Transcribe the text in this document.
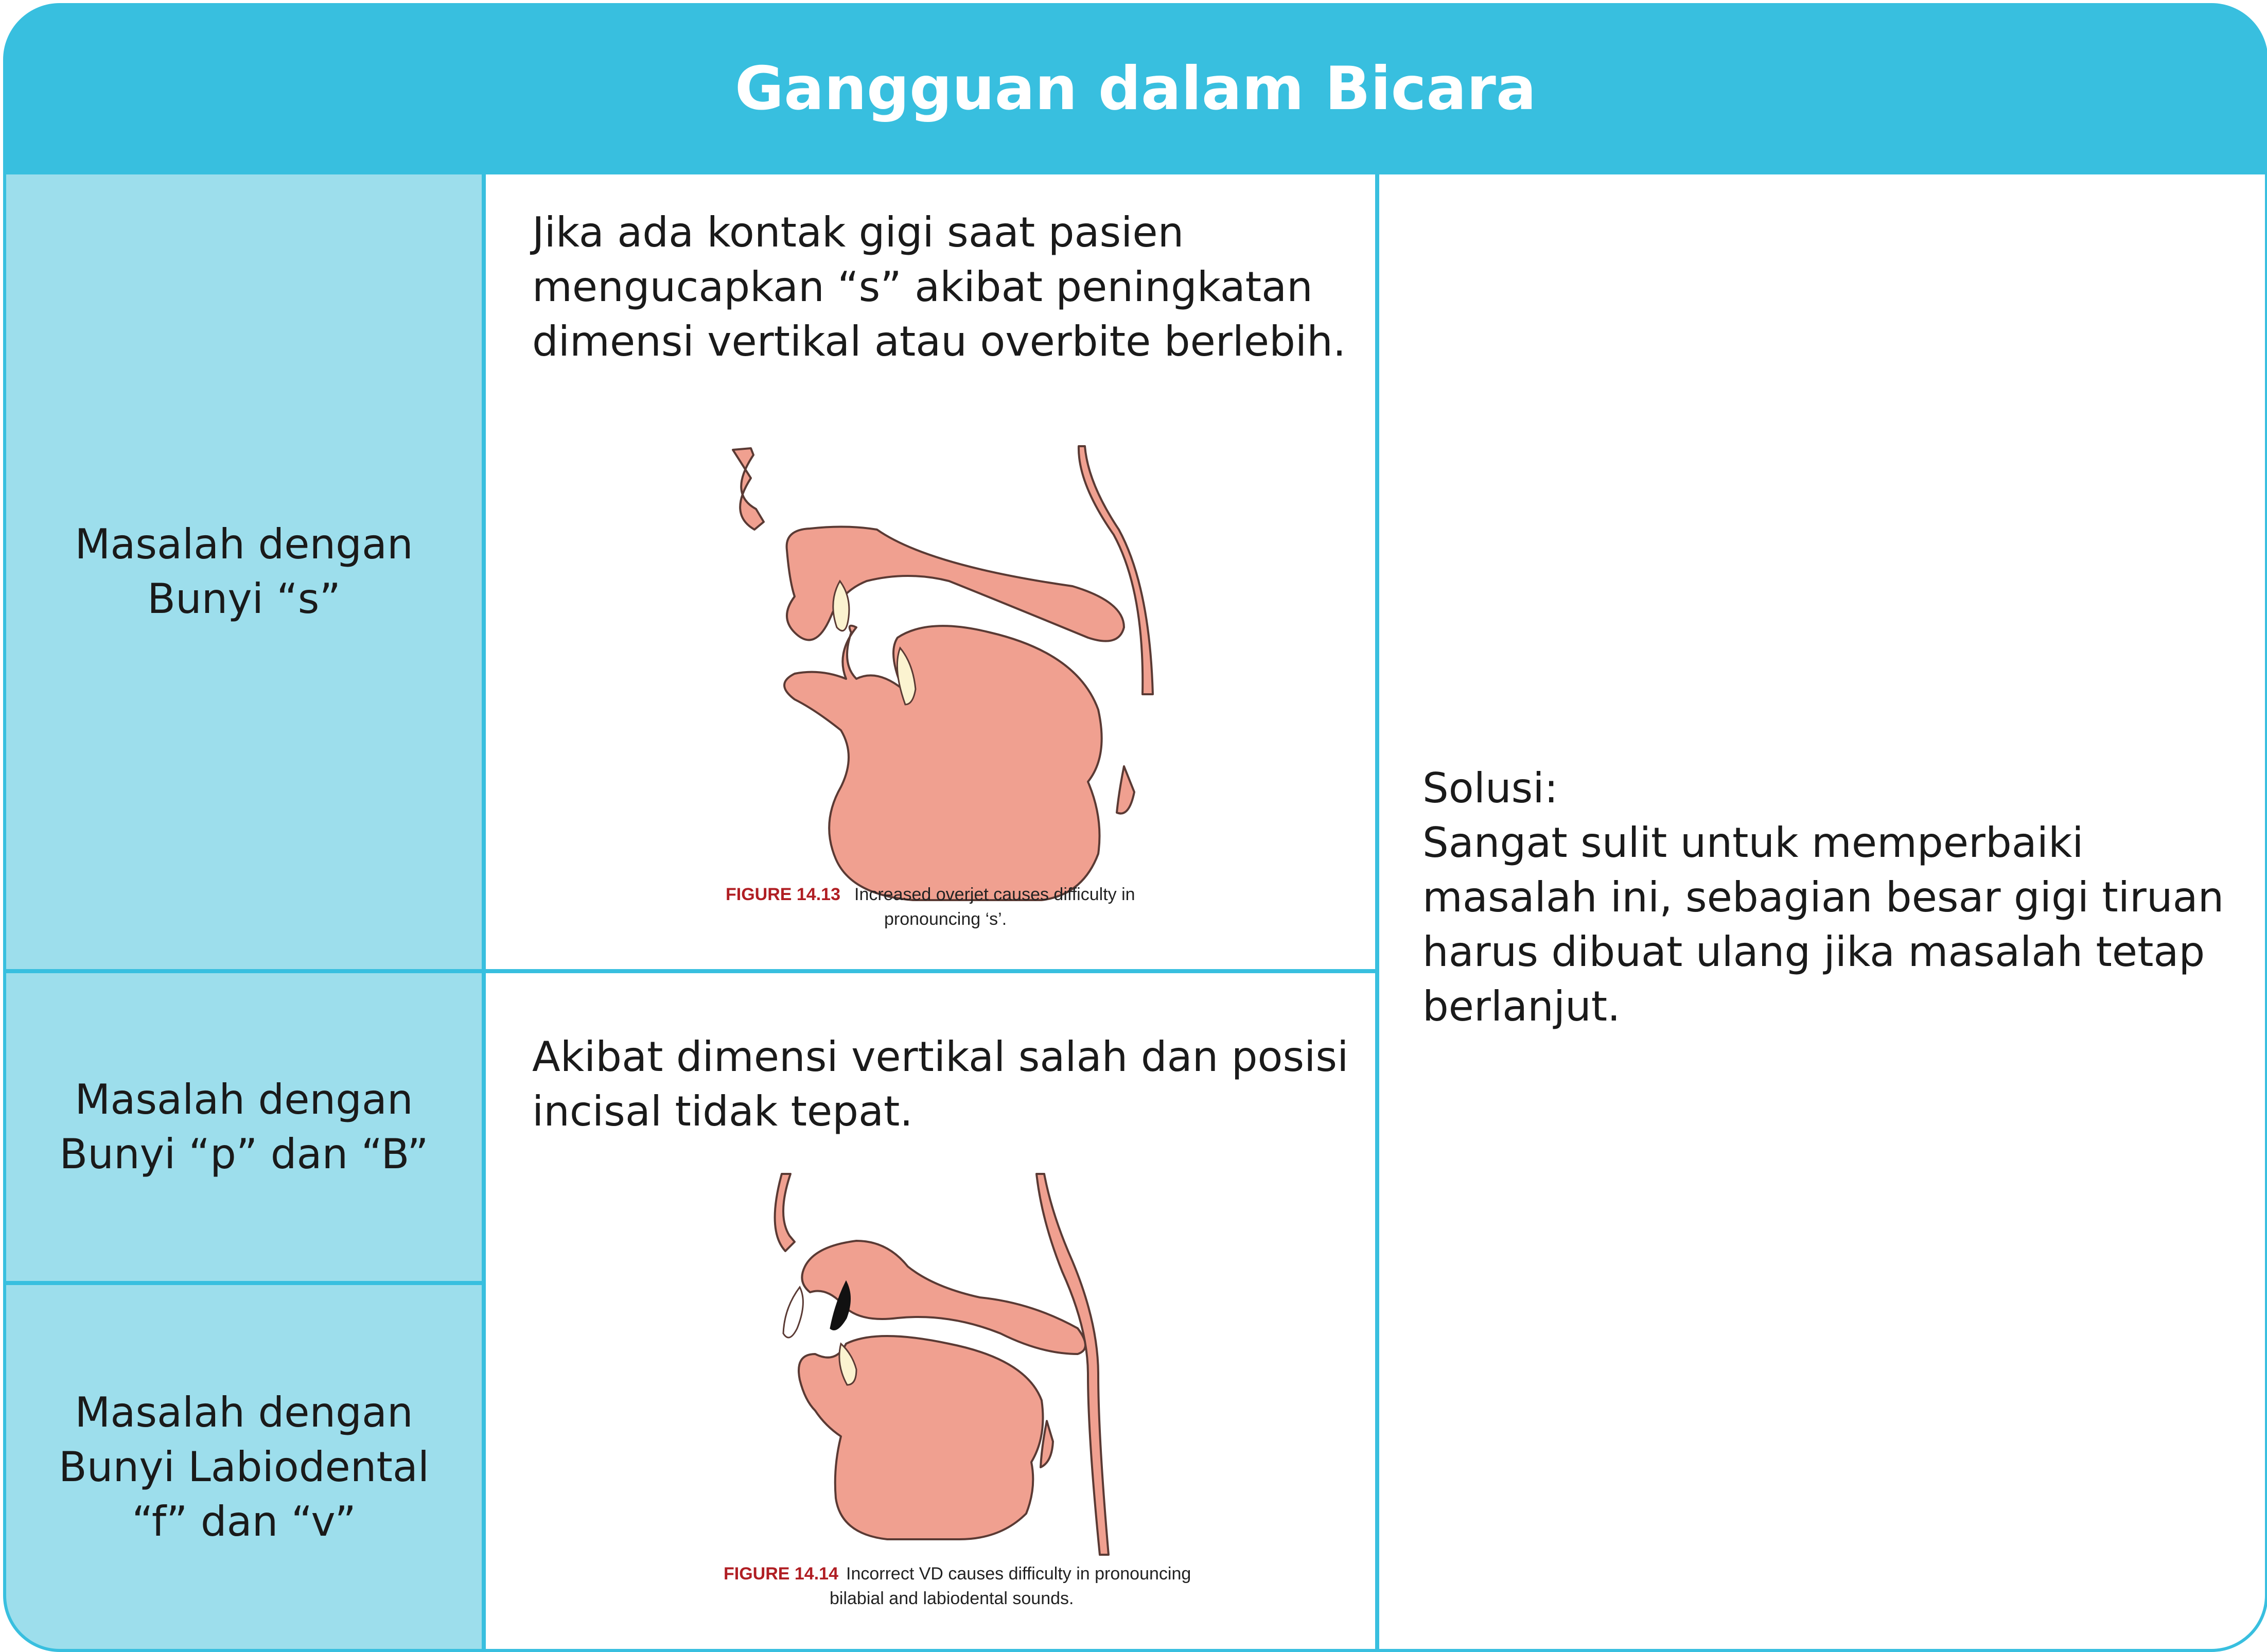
Gangguan dalam Bicara
Masalah dengan
Bunyi “s”
Masalah dengan
Bunyi “p” dan “B”
Masalah dengan
Bunyi Labiodental
“f” dan “v”
Jika ada kontak gigi saat pasien
mengucapkan “s” akibat peningkatan
dimensi vertikal atau overbite berlebih.
FIGURE 14.13 Increased overjet causes difficulty in
pronouncing ‘s’.
Akibat dimensi vertikal salah dan posisi
incisal tidak tepat.
FIGURE 14.14 Incorrect VD causes difficulty in pronouncing
bilabial and labiodental sounds.
Solusi:
Sangat sulit untuk memperbaiki
masalah ini, sebagian besar gigi tiruan
harus dibuat ulang jika masalah tetap
berlanjut.
